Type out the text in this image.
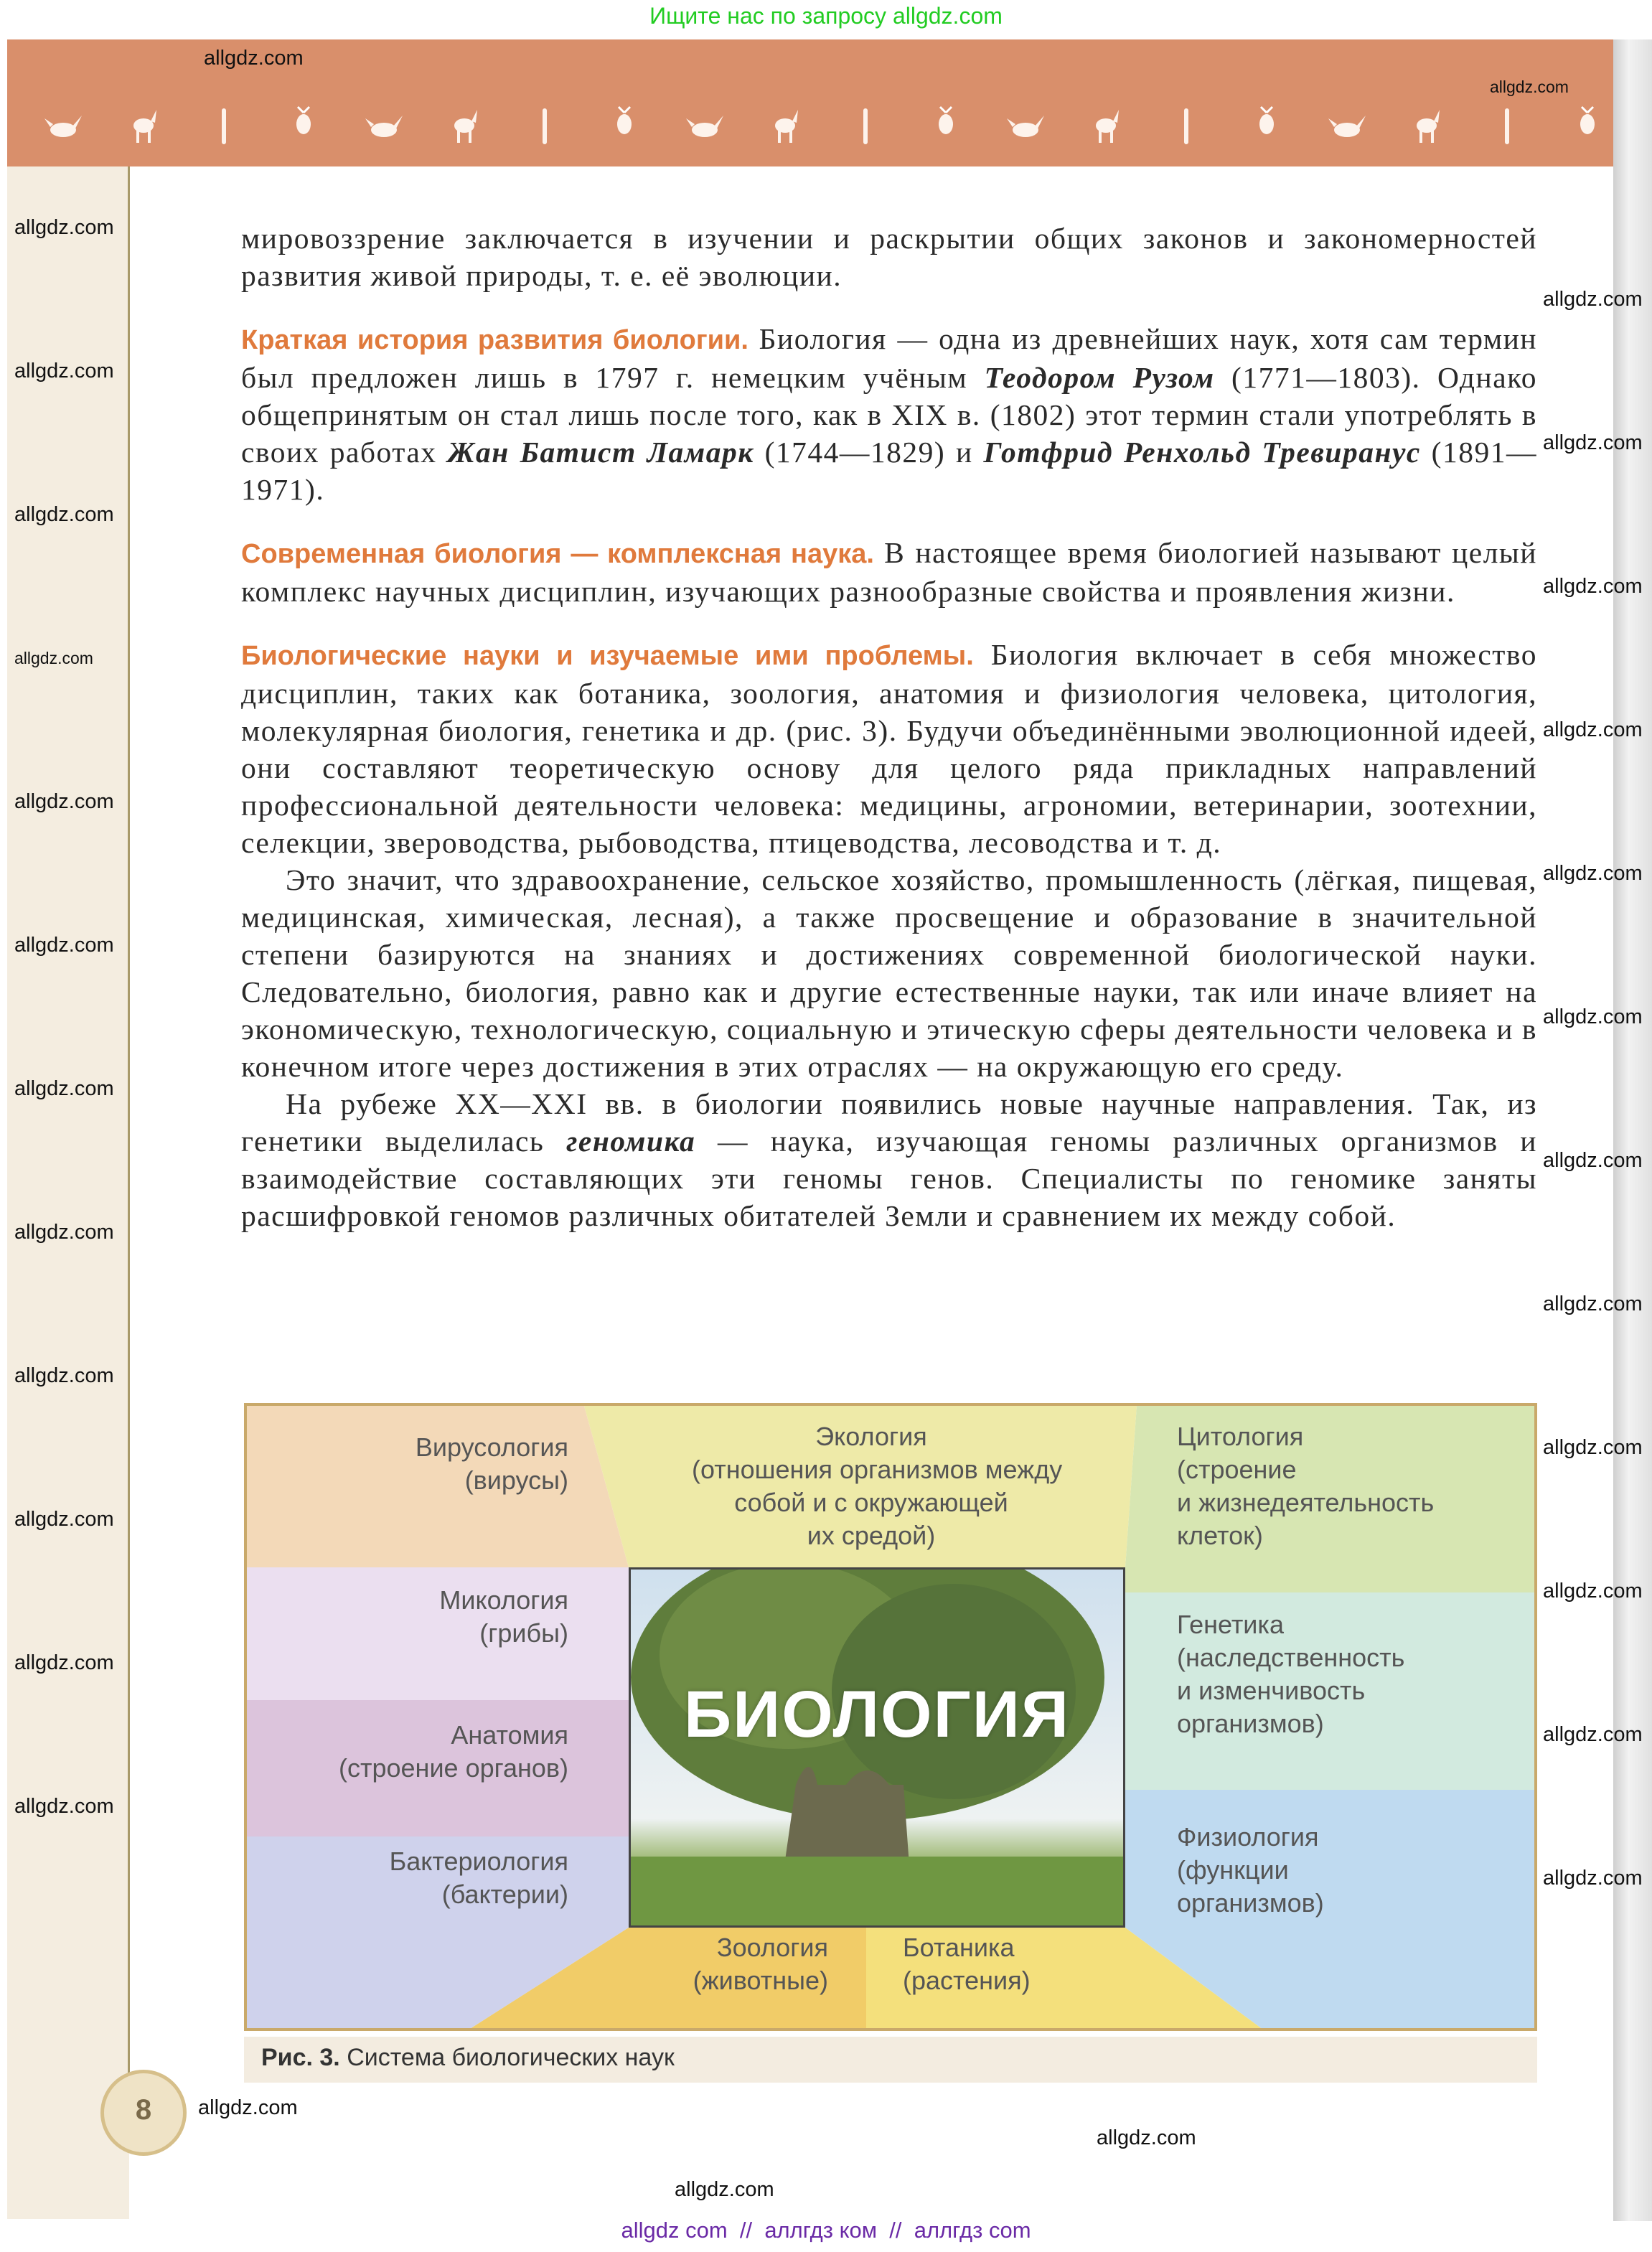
Ищите нас по запросу allgdz.com

мировоззрение заключается в изучении и раскрытии общих законов и закономерностей развития живой природы, т. е. её эволюции.

Краткая история развития биологии. Биология — одна из древнейших наук, хотя сам термин был предложен лишь в 1797 г. немецким учёным Теодором Рузом (1771—1803). Однако общепринятым он стал лишь после того, как в XIX в. (1802) этот термин стали употреблять в своих работах Жан Батист Ламарк (1744—1829) и Готфрид Ренхольд Тревиранус (1891—1971).

Современная биология — комплексная наука. В настоящее время биологией называют целый комплекс научных дисциплин, изучающих разнообразные свойства и проявления жизни.

Биологические науки и изучаемые ими проблемы. Биология включает в себя множество дисциплин, таких как ботаника, зоология, анатомия и физиология человека, цитология, молекулярная биология, генетика и др. (рис. 3). Будучи объединёнными эволюционной идеей, они составляют теоретическую основу для целого ряда прикладных направлений профессиональной деятельности человека: медицины, агрономии, ветеринарии, зоотехнии, селекции, звероводства, рыбоводства, птицеводства, лесоводства и т. д.

Это значит, что здравоохранение, сельское хозяйство, промышленность (лёгкая, пищевая, медицинская, химическая, лесная), а также просвещение и образование в значительной степени базируются на знаниях и достижениях современной биологической науки. Следовательно, биология, равно как и другие естественные науки, так или иначе влияет на экономическую, технологическую, социальную и этическую сферы деятельности человека и в конечном итоге через достижения в этих отраслях — на окружающую его среду.

На рубеже XX—XXI вв. в биологии появились новые научные направления. Так, из генетики выделилась геномика — наука, изучающая геномы различных организмов и взаимодействие составляющих эти геномы генов. Специалисты по геномике заняты расшифровкой геномов различных обитателей Земли и сравнением их между собой.

БИОЛОГИЯ
Вирусология
(вирусы)
Экология
(отношения организмов между
собой и с окружающей
их средой)
Цитология
(строение
и жизнедеятельность
клеток)
Микология
(грибы)	Генетика
(наследственность
и изменчивость
организмов)
Анатомия
(строение органов)
Физиология
(функции
организмов)
Бактериология
(бактерии)
Зоология
(животные)
Ботаника
(растения)
Рис. 3. Система биологических наук
8
allgdz.com
allgdz.com
allgdz.com
allgdz.com
allgdz.com
allgdz.com
allgdz.com
allgdz.com
allgdz.com
allgdz.com
allgdz.com
allgdz.com
allgdz.com
allgdz.com
allgdz.com
allgdz.com
allgdz.com
allgdz.com
allgdz.com
allgdz.com
allgdz.com
allgdz.com
allgdz.com
allgdz.com
allgdz.com
allgdz.com
allgdz.com
allgdz.com
allgdz.com
allgdz com  //  аллгдз ком  //  аллгдз com
